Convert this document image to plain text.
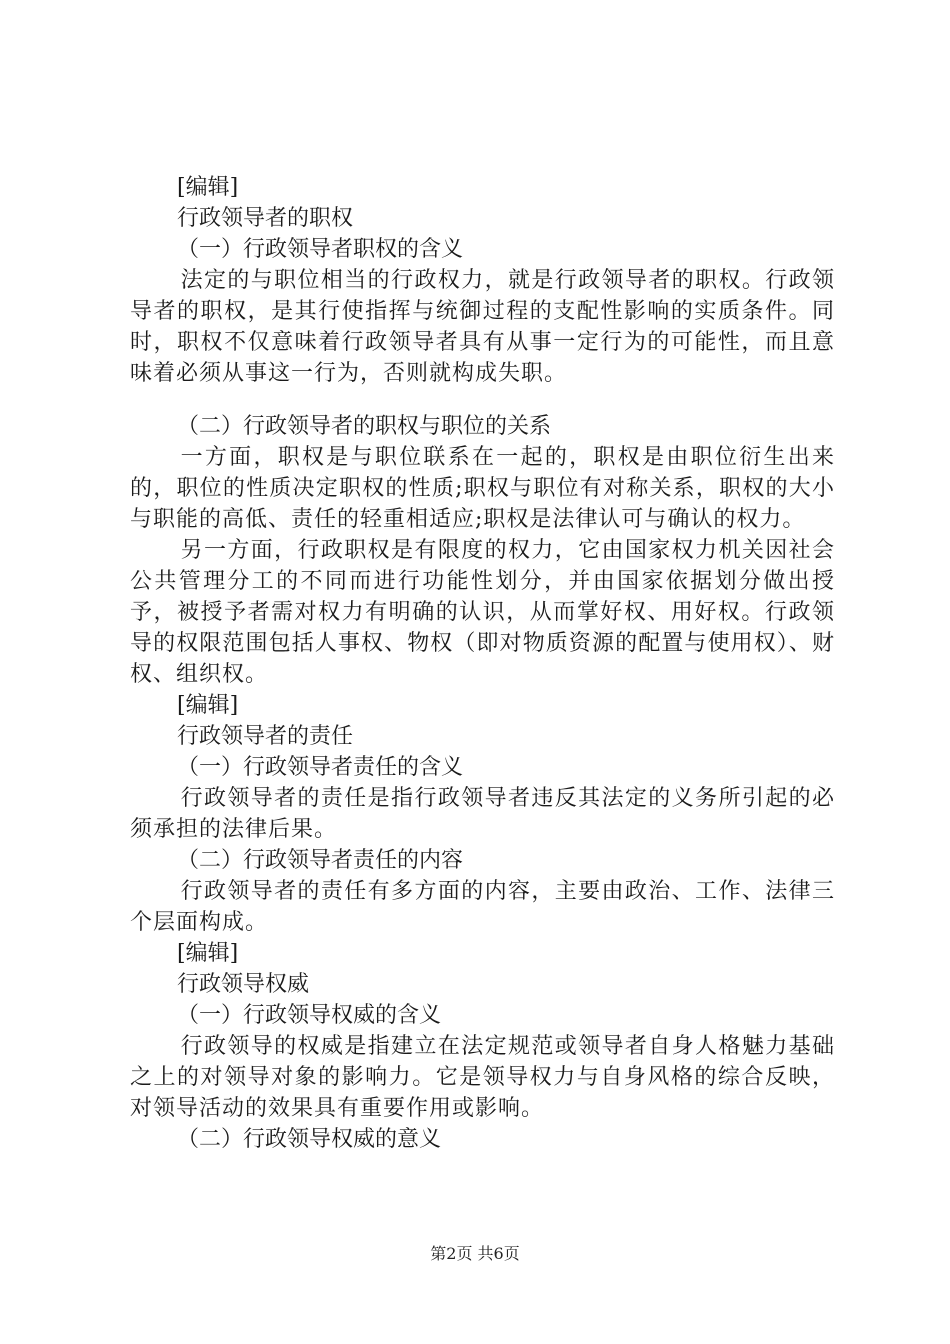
[编辑]
行政领导者的职权
（一）行政领导者职权的含义

法定的与职位相当的行政权力，就是行政领导者的职权。行政领导者的职权，是其行使指挥与统御过程的支配性影响的实质条件。同时，职权不仅意味着行政领导者具有从事一定行为的可能性，而且意味着必须从事这一行为，否则就构成失职。

（二）行政领导者的职权与职位的关系

一方面，职权是与职位联系在一起的，职权是由职位衍生出来的，职位的性质决定职权的性质;职权与职位有对称关系，职权的大小与职能的高低、责任的轻重相适应;职权是法律认可与确认的权力。

另一方面，行政职权是有限度的权力，它由国家权力机关因社会公共管理分工的不同而进行功能性划分，并由国家依据划分做出授予，被授予者需对权力有明确的认识，从而掌好权、用好权。行政领导的权限范围包括人事权、物权（即对物质资源的配置与使用权）、财权、组织权。

[编辑]
行政领导者的责任
（一）行政领导者责任的含义

行政领导者的责任是指行政领导者违反其法定的义务所引起的必须承担的法律后果。

（二）行政领导者责任的内容

行政领导者的责任有多方面的内容，主要由政治、工作、法律三个层面构成。

[编辑]
行政领导权威
（一）行政领导权威的含义

行政领导的权威是指建立在法定规范或领导者自身人格魅力基础之上的对领导对象的影响力。它是领导权力与自身风格的综合反映，对领导活动的效果具有重要作用或影响。

（二）行政领导权威的意义
第2页 共6页
